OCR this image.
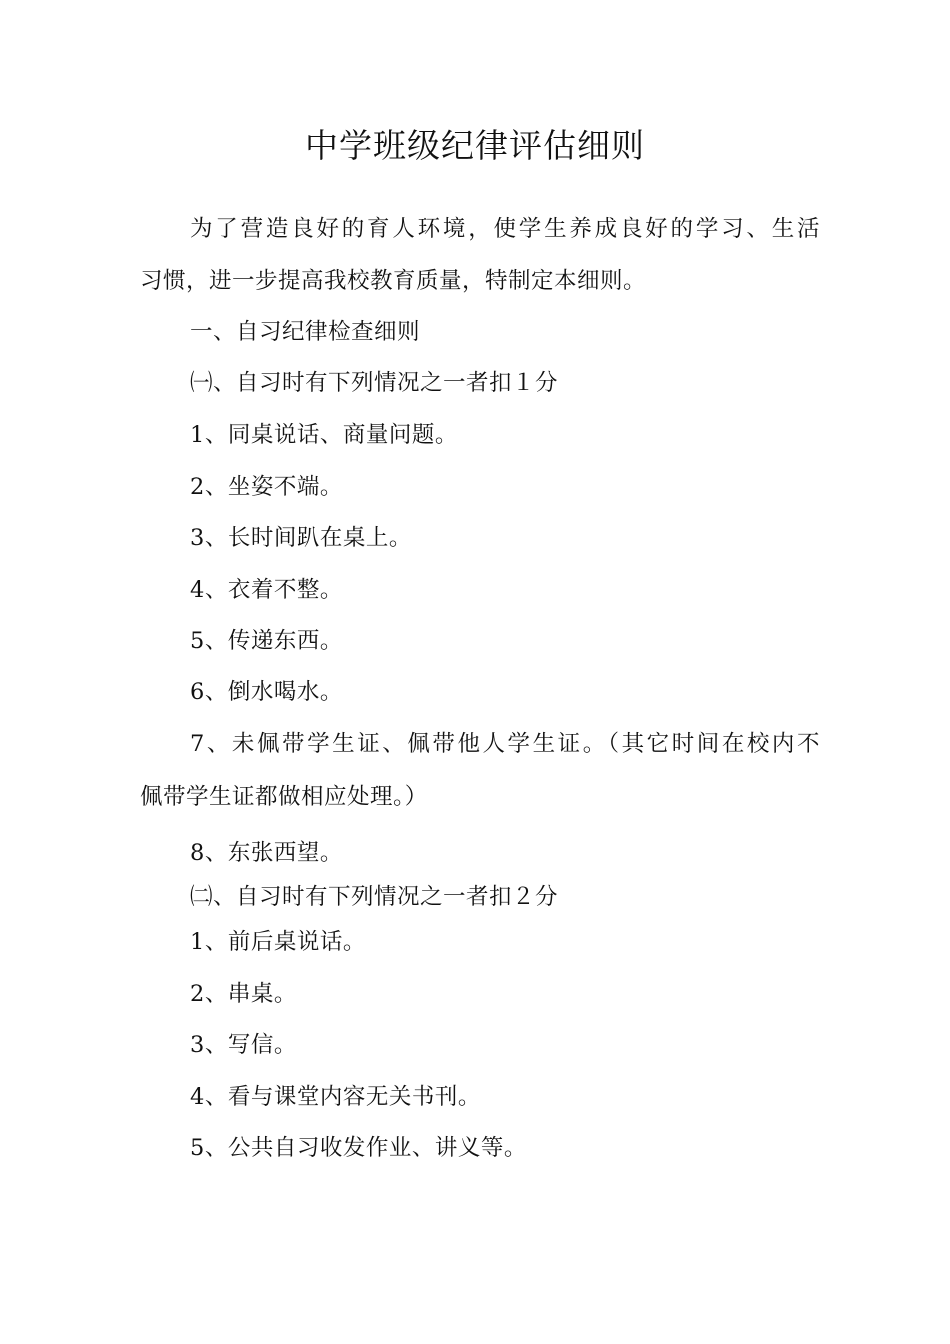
中学班级纪律评估细则
为了营造良好的育人环境，使学生养成良好的学习、生活
习惯，进一步提高我校教育质量，特制定本细则。
一、自习纪律检查细则
㈠、自习时有下列情况之一者扣１分
1、同桌说话、商量问题。
2、坐姿不端。
3、长时间趴在桌上。
4、衣着不整。
5、传递东西。
6、倒水喝水。
7、未佩带学生证、佩带他人学生证。（其它时间在校内不
佩带学生证都做相应处理。）
8、东张西望。
㈡、自习时有下列情况之一者扣２分
1、前后桌说话。
2、串桌。
3、写信。
4、看与课堂内容无关书刊。
5、公共自习收发作业、讲义等。
